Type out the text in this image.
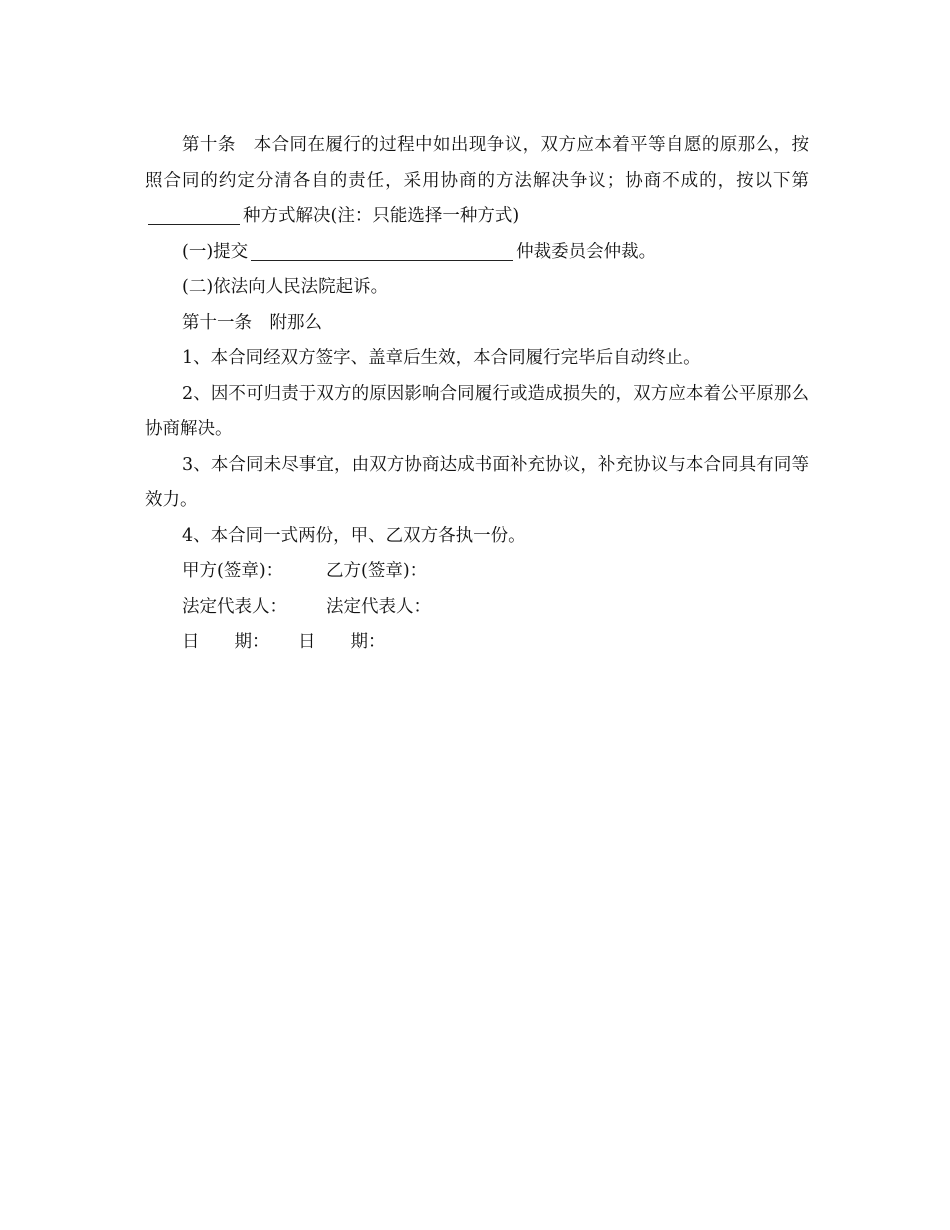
第十条　本合同在履行的过程中如出现争议，双方应本着平等自愿的原那么，按照合同的约定分清各自的责任，采用协商的方法解决争议；协商不成的，按以下第种方式解决(注：只能选择一种方式)

(一)提交	仲裁委员会仲裁。

(二)依法向人民法院起诉。

第十一条　附那么

1、本合同经双方签字、盖章后生效，本合同履行完毕后自动终止。

2、因不可归责于双方的原因影响合同履行或造成损失的，双方应本着公平原那么协商解决。

3、本合同未尽事宜，由双方协商达成书面补充协议，补充协议与本合同具有同等效力。

4、本合同一式两份，甲、乙双方各执一份。

甲方(签章)： 乙方(签章)：

法定代表人： 法定代表人：

日　　期： 日　　期：
